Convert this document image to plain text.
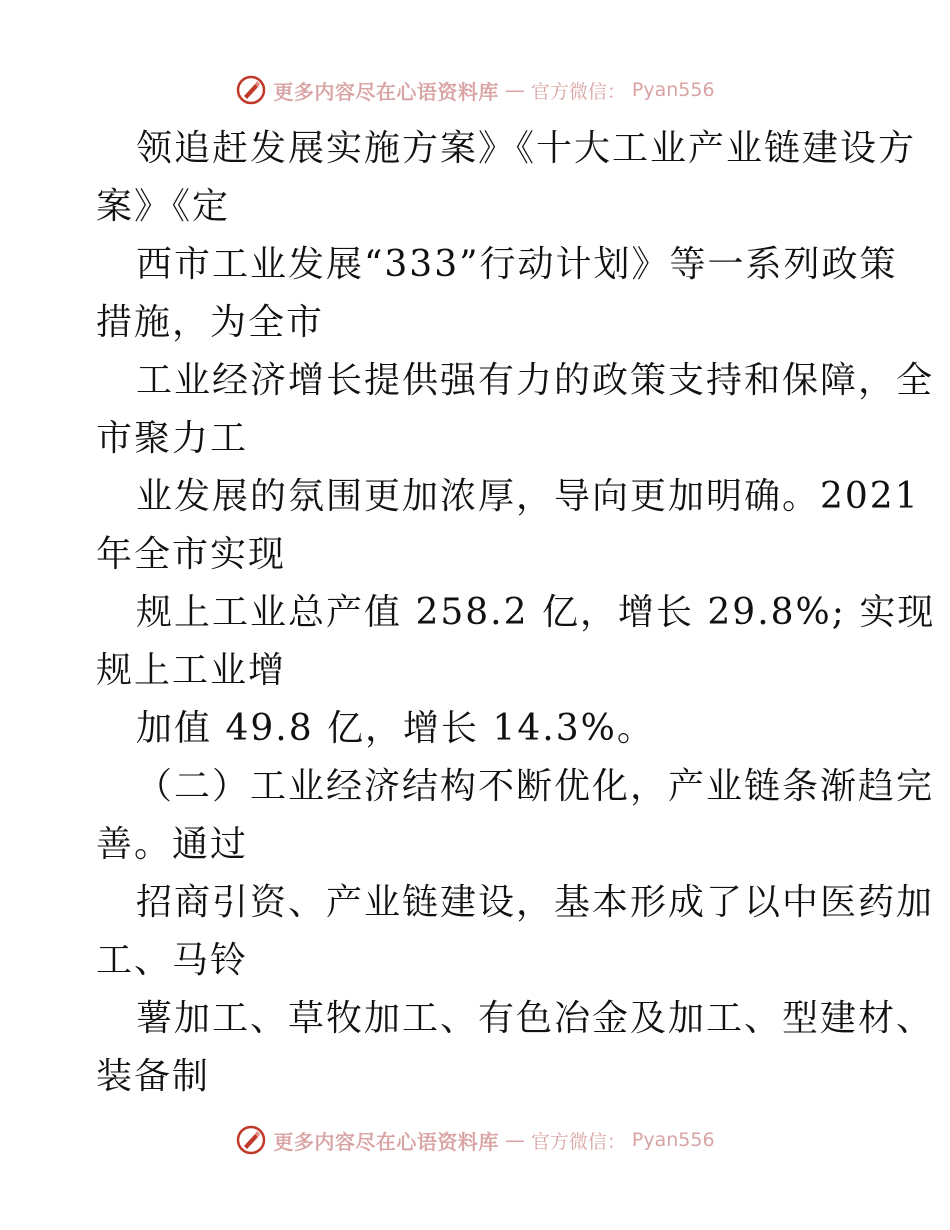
更多内容尽在心语资料库 — 官方微信： Pyan556
领追赶发展实施方案》《十大工业产业链建设方
案》《定
西市工业发展“333”行动计划》等一系列政策
措施，为全市
工业经济增长提供强有力的政策支持和保障，全
市聚力工
业发展的氛围更加浓厚，导向更加明确。2021
年全市实现
规上工业总产值 258.2 亿，增长 29.8%; 实现
规上工业增
加值 49.8 亿，增长 14.3%。
（二）工业经济结构不断优化，产业链条渐趋完
善。通过
招商引资、产业链建设，基本形成了以中医药加
工、马铃
薯加工、草牧加工、有色冶金及加工、型建材、
装备制
更多内容尽在心语资料库 — 官方微信： Pyan556
